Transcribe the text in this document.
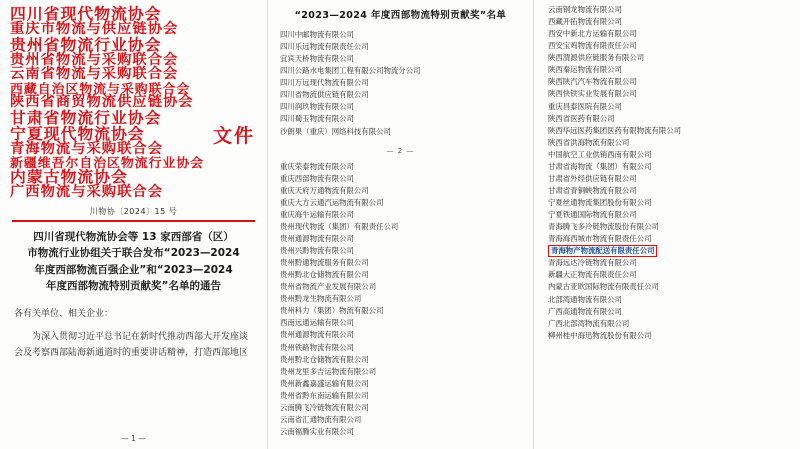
四川省现代物流协会
重庆市物流与供应链协会
贵州省物流行业协会
贵州省物流与采购联合会
云南省物流与采购联合会
西藏自治区物流与采购联合会
陕西省商贸物流供应链协会
甘肃省物流行业协会
宁夏现代物流协会
青海物流与采购联合会
新疆维吾尔自治区物流行业协会
内蒙古物流协会
广西物流与采购联合会
文件
川物协〔2024〕15 号
四川省现代物流协会等 13 家西部省（区）
市物流行业协组关于联合发布“2023—2024
年度西部物流百强企业”和“2023—2024
年度西部物流特别贡献奖”名单的通告

各有关单位、相关企业：

为深入贯彻习近平总书记在新时代推动西部大开发座谈会及考察西部陆海新通道时的重要讲话精神，打造西部地区

— 1 —
“2023—2024 年度西部物流特别贡献奖”名单
四川中邮物流有限公司
四川乐远物流有限责任公司
宜宾天桥物流有限公司
四川公路水电集团工程有限公司物流分公司
四川万远现代物流有限公司
四川省物流供应链有限公司
四川润玖物流有限公司
四川蜀玉物流有限公司
沙朗果（重庆）网络科技有限公司
— 2 —
重庆荣泰物流有限公司
重庆西部物流有限公司
重庆天府万通物流有限公司
重庆大方云通汽运物流有限公司
重庆海牛运输有限公司
贵州现代物流（集团）有限责任公司
贵州通源物流有限公司
贵州兴黔物流有限公司
贵州黔通物流服务有限公司
贵州黔北仓储物流有限公司
贵州省物流产业发展有限公司
贵州黔龙生物流有限公司
贵州科力（集团）物流有限公司
西南远通运输有限公司
贵州通源物流有限公司
贵州铁路物流有限公司
贵州黔北仓储物流有限公司
贵州龙里多吉运物流有限公司
贵州新鑫嘉盛运输有限公司
贵州省黔东南运输有限公司
云南腾飞冷链物流有限公司
云南省汇通物流有限公司
云南福腾实业有限公司
云南钢龙物流有限公司
西藏开拓物流有限公司
西安中新北方运输有限公司
西安宝鸡物流有限责任公司
陕西渭源供应链服务有限公司
陕西秦运物流有限公司
陕西陕汽汽车物流有限公司
陕西快铁实业发展有限公司
重庆昌泰医院有限公司
陕西省医药有限公司
陕西华远医药集团医药有限物流有限公司
陕西省洪海物流有限公司
中国航空工业供销西南有限公司
甘肃省海物流（集团）有限公司
甘肃省外经供应链有限公司
甘肃省青铜峡物流有限公司
宁夏丝通物流集团股份有限公司
宁夏铁通国际物流有限公司
青海腾飞多冷链物流股份有限公司
青海海西城市物流有限责任公司
青海物产物流配送有限责任公司
青海远达冷链物流有限公司
新疆大正物流有限责任公司
内蒙古亚欧国际物流有限责任公司
北部湾通物流有限公司
广西高通物流有限公司
广西北部湾物流有限公司
柳州桂中海迅物流股份有限公司
